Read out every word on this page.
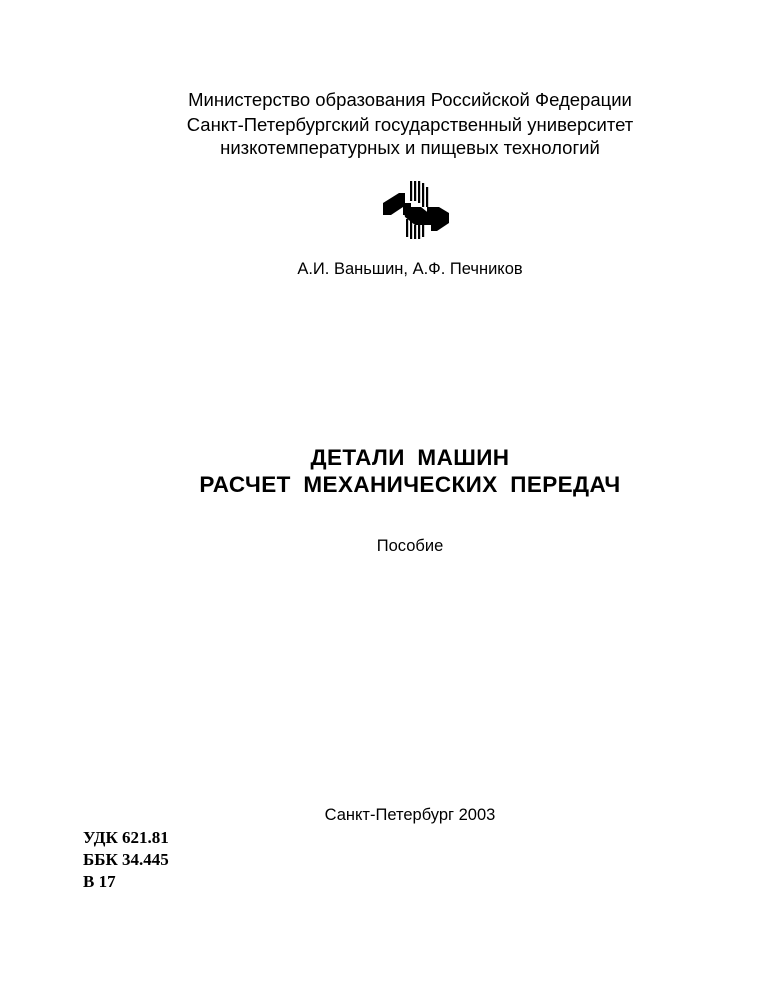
Министерство образования Российской Федерации
Санкт-Петербургский государственный университет
низкотемпературных и пищевых технологий
А.И. Ваньшин, А.Ф. Печников
ДЕТАЛИ МАШИН
РАСЧЕТ МЕХАНИЧЕСКИХ ПЕРЕДАЧ
Пособие
Санкт-Петербург 2003
УДК 621.81
ББК 34.445
В 17
